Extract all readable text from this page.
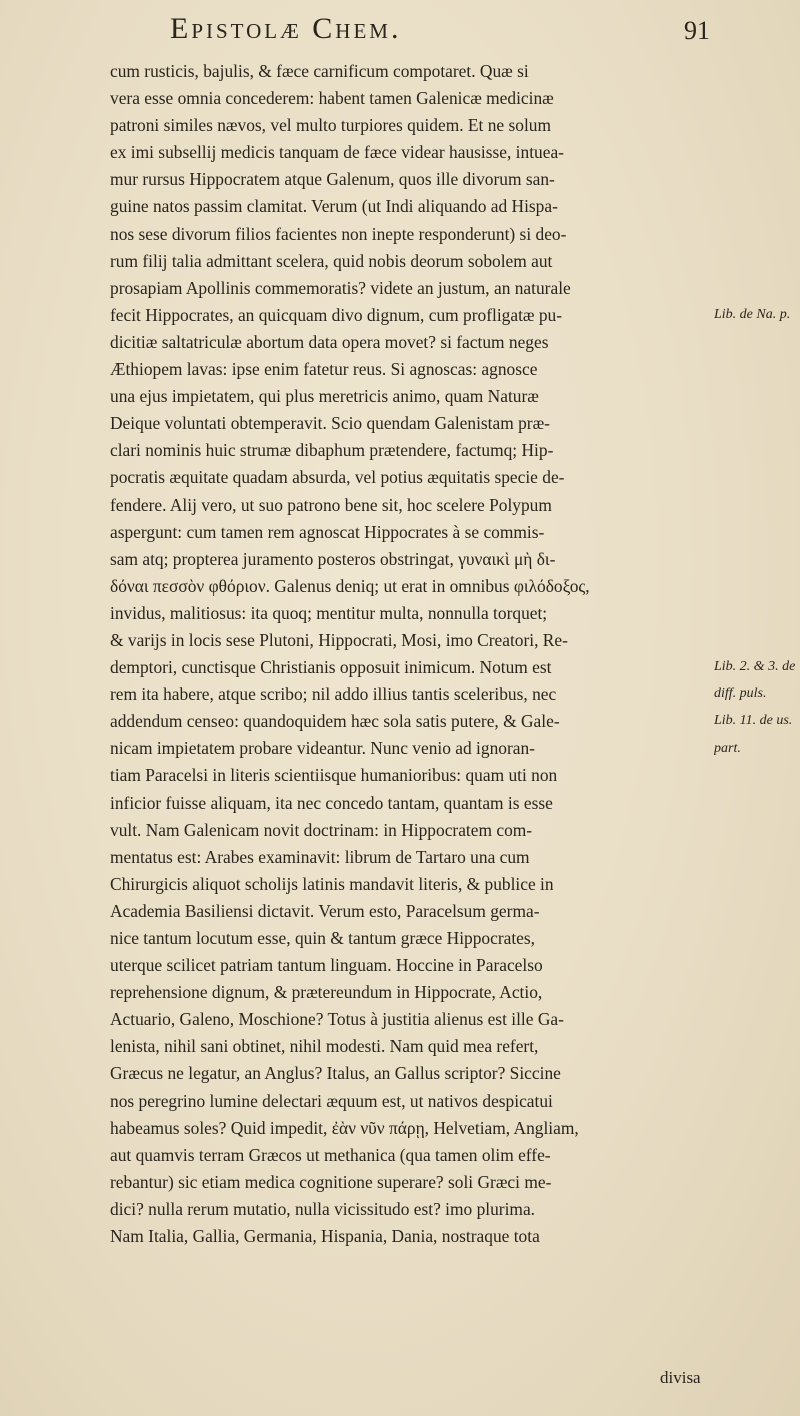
Epistolæ Chem.	91
cum rusticis, bajulis, & fæce carnificum compotaret. Quæ si
vera esse omnia concederem: habent tamen Galenicæ medicinæ
patroni similes nævos, vel multo turpiores quidem. Et ne solum
ex imi subsellij medicis tanquam de fæce videar hausisse, intuea-
mur rursus Hippocratem atque Galenum, quos ille divorum san-
guine natos passim clamitat. Verum (ut Indi aliquando ad Hispa-
nos sese divorum filios facientes non inepte responderunt) si deo-
rum filij talia admittant scelera, quid nobis deorum sobolem aut
prosapiam Apollinis commemoratis? videte an justum, an naturale
fecit Hippocrates, an quicquam divo dignum, cum profligatæ pu-
dicitiæ saltatriculæ abortum data opera movet? si factum neges
Æthiopem lavas: ipse enim fatetur reus. Si agnoscas: agnosce
una ejus impietatem, qui plus meretricis animo, quam Naturæ
Deique voluntati obtemperavit. Scio quendam Galenistam præ-
clari nominis huic strumæ dibaphum prætendere, factumq; Hip-
pocratis æquitate quadam absurda, vel potius æquitatis specie de-
fendere. Alij vero, ut suo patrono bene sit, hoc scelere Polypum
aspergunt: cum tamen rem agnoscat Hippocrates à se commis-
sam atq; propterea juramento posteros obstringat, γυναικὶ μὴ δι-
δόναι πεσσὸν φθόριον. Galenus deniq; ut erat in omnibus φιλόδοξος,
invidus, malitiosus: ita quoq; mentitur multa, nonnulla torquet;
& varijs in locis sese Plutoni, Hippocrati, Mosi, imo Creatori, Re-
demptori, cunctisque Christianis opposuit inimicum. Notum est
rem ita habere, atque scribo; nil addo illius tantis sceleribus, nec
addendum censeo: quandoquidem hæc sola satis putere, & Gale-
nicam impietatem probare videantur. Nunc venio ad ignoran-
tiam Paracelsi in literis scientiisque humanioribus: quam uti non
inficior fuisse aliquam, ita nec concedo tantam, quantam is esse
vult. Nam Galenicam novit doctrinam: in Hippocratem com-
mentatus est: Arabes examinavit: librum de Tartaro una cum
Chirurgicis aliquot scholijs latinis mandavit literis, & publice in
Academia Basiliensi dictavit. Verum esto, Paracelsum germa-
nice tantum locutum esse, quin & tantum græce Hippocrates,
uterque scilicet patriam tantum linguam. Hoccine in Paracelso
reprehensione dignum, & prætereundum in Hippocrate, Actio,
Actuario, Galeno, Moschione? Totus à justitia alienus est ille Ga-
lenista, nihil sani obtinet, nihil modesti. Nam quid mea refert,
Græcus ne legatur, an Anglus? Italus, an Gallus scriptor? Siccine
nos peregrino lumine delectari æquum est, ut nativos despicatui
habeamus soles? Quid impedit, ἐὰν νῦν πάρῃ, Helvetiam, Angliam,
aut quamvis terram Græcos ut methanica (qua tamen olim effe-
rebantur) sic etiam medica cognitione superare? soli Græci me-
dici? nulla rerum mutatio, nulla vicissitudo est? imo plurima.
Nam Italia, Gallia, Germania, Hispania, Dania, nostraque tota
Lib. de Na. p.
Lib. 2. & 3. de
diff. puls.
Lib. 11. de us.
part.
divisa
